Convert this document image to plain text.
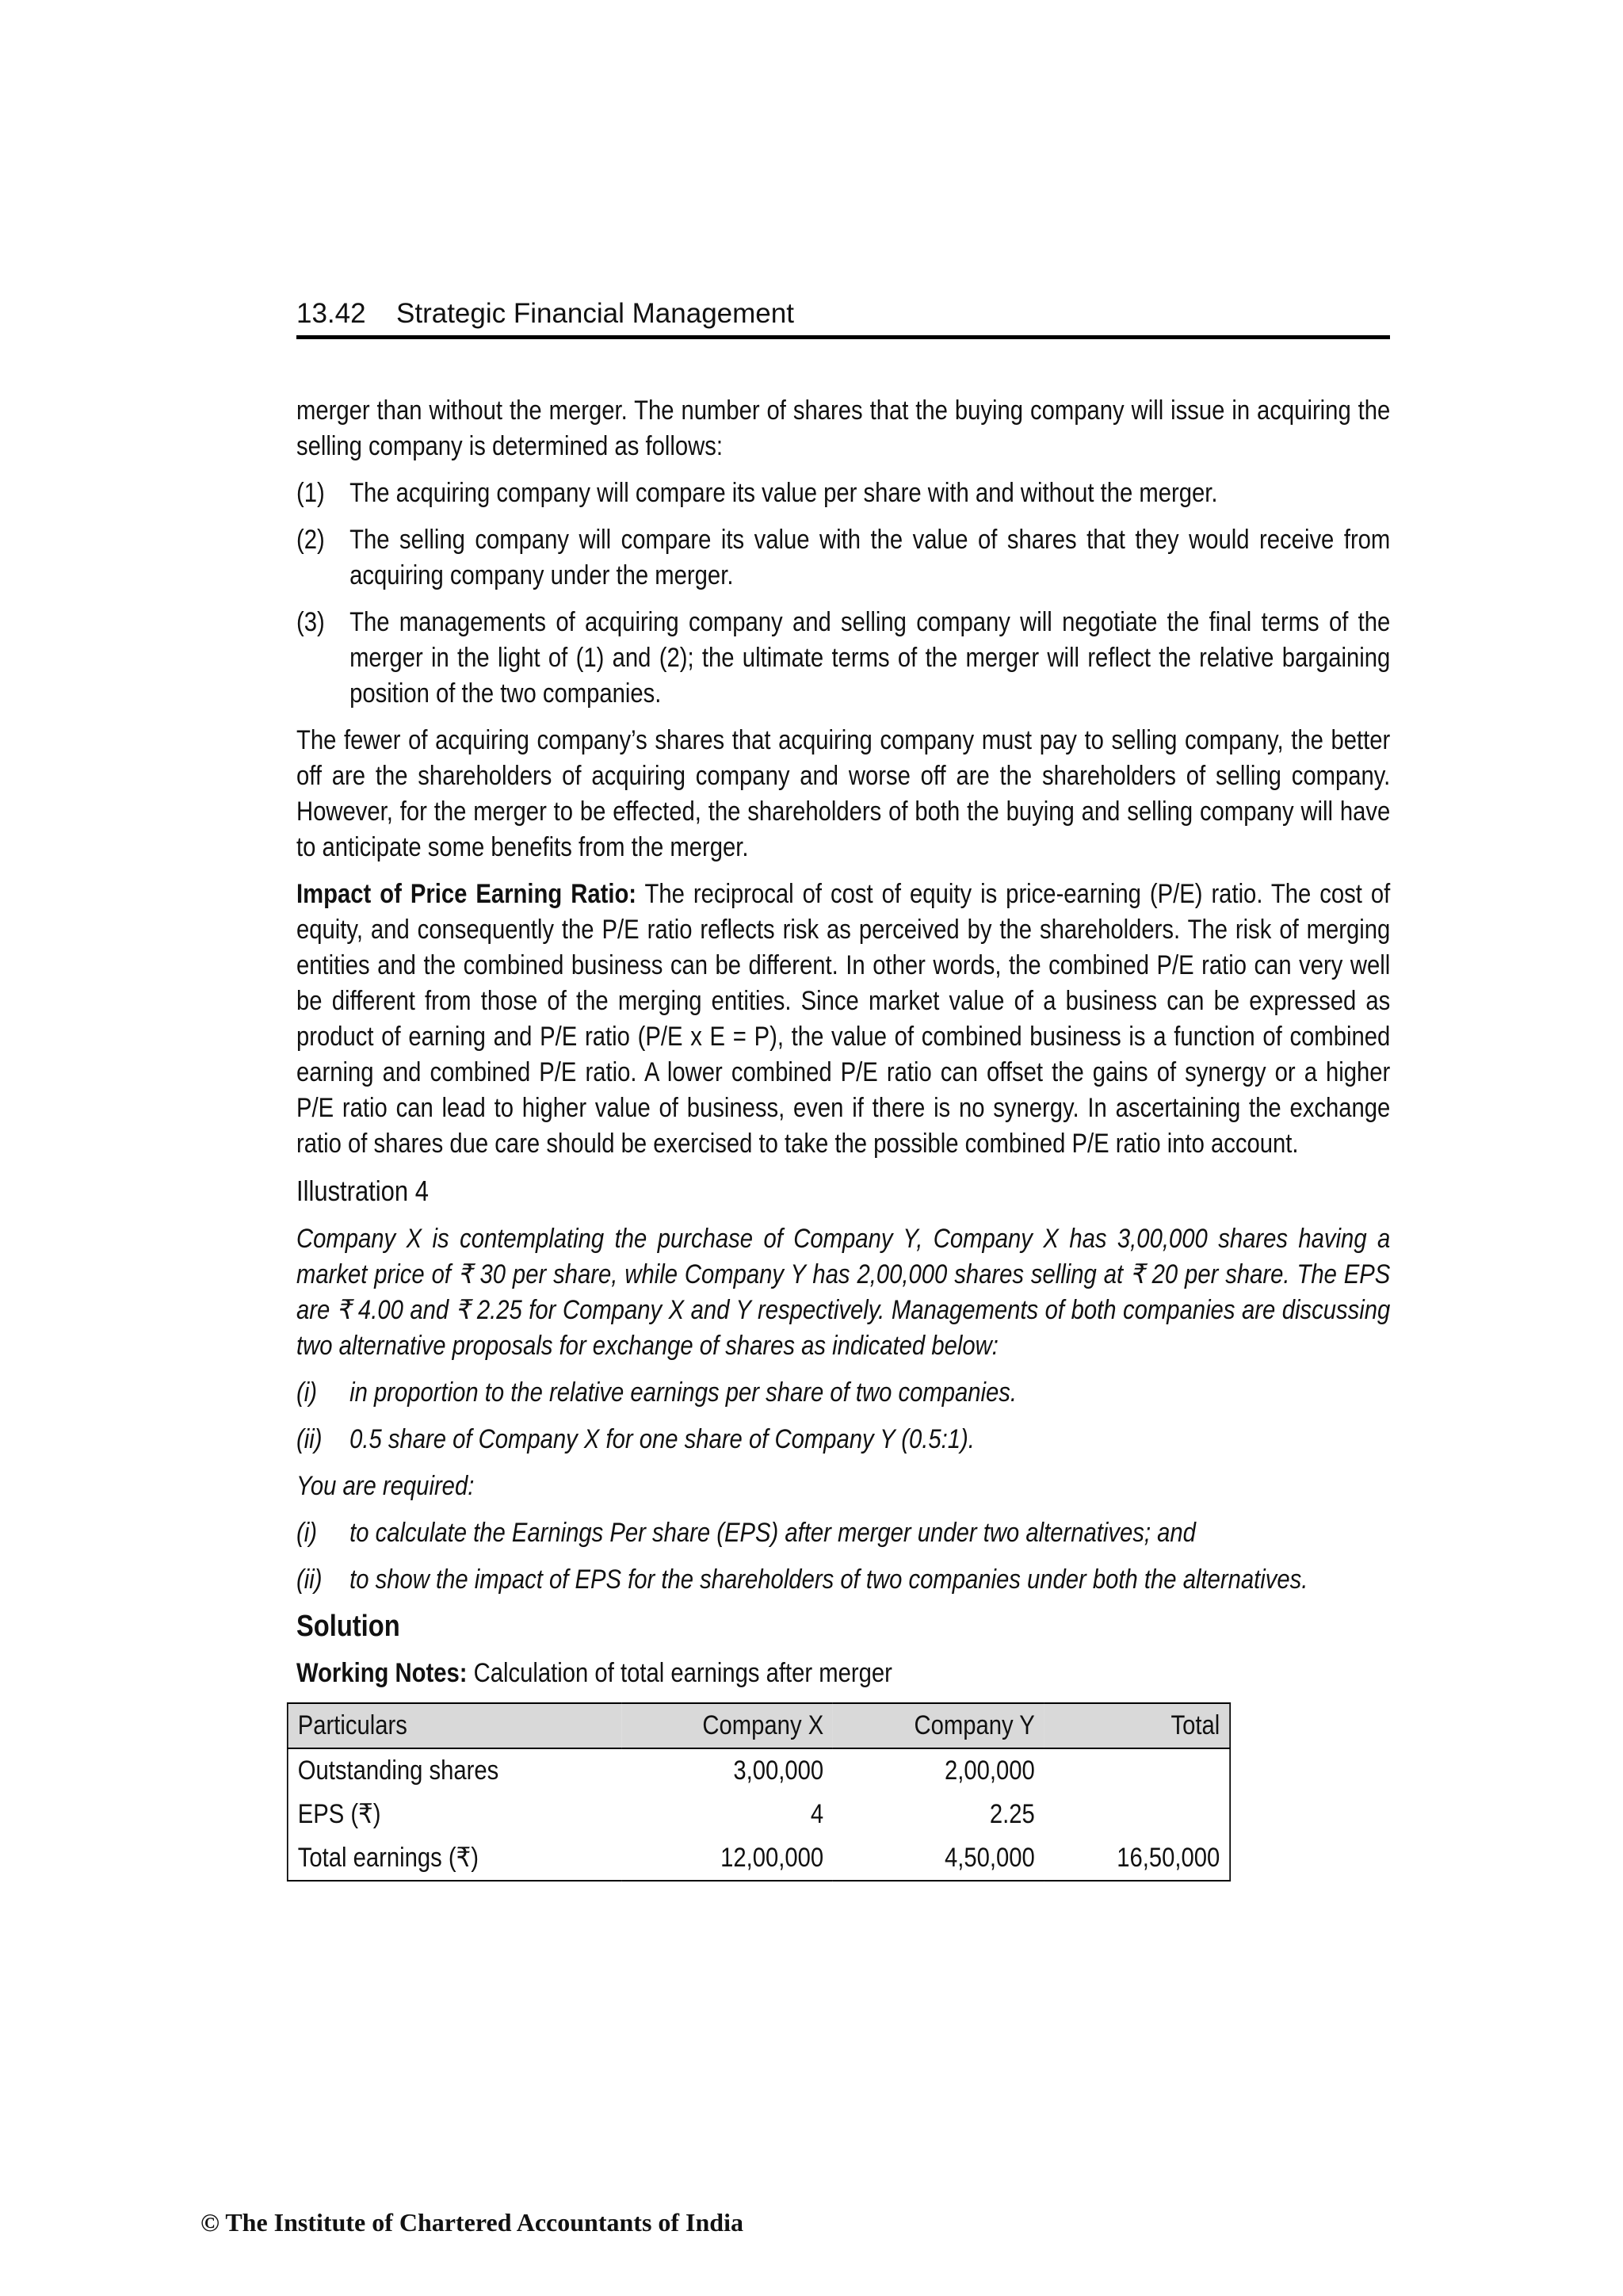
13.42 Strategic Financial Management

merger than without the merger. The number of shares that the buying company will issue in acquiring the selling company is determined as follows:

(1) The acquiring company will compare its value per share with and without the merger.
(2) The selling company will compare its value with the value of shares that they would receive from acquiring company under the merger.
(3) The managements of acquiring company and selling company will negotiate the final terms of the merger in the light of (1) and (2); the ultimate terms of the merger will reflect the relative bargaining position of the two companies.

The fewer of acquiring company’s shares that acquiring company must pay to selling company, the better off are the shareholders of acquiring company and worse off are the shareholders of selling company. However, for the merger to be effected, the shareholders of both the buying and selling company will have to anticipate some benefits from the merger.

Impact of Price Earning Ratio: The reciprocal of cost of equity is price-earning (P/E) ratio. The cost of equity, and consequently the P/E ratio reflects risk as perceived by the shareholders. The risk of merging entities and the combined business can be different. In other words, the combined P/E ratio can very well be different from those of the merging entities. Since market value of a business can be expressed as product of earning and P/E ratio (P/E x E = P), the value of combined business is a function of combined earning and combined P/E ratio. A lower combined P/E ratio can offset the gains of synergy or a higher P/E ratio can lead to higher value of business, even if there is no synergy. In ascertaining the exchange ratio of shares due care should be exercised to take the possible combined P/E ratio into account.

Illustration 4

Company X is contemplating the purchase of Company Y, Company X has 3,00,000 shares having a market price of ₹ 30 per share, while Company Y has 2,00,000 shares selling at ₹ 20 per share. The EPS are ₹ 4.00 and ₹ 2.25 for Company X and Y respectively. Managements of both companies are discussing two alternative proposals for exchange of shares as indicated below:

(i)	in proportion to the relative earnings per share of two companies.
(ii)	0.5 share of Company X for one share of Company Y (0.5:1).

You are required:

(i)	to calculate the Earnings Per share (EPS) after merger under two alternatives; and
(ii)	to show the impact of EPS for the shareholders of two companies under both the alternatives.
Solution

Working Notes: Calculation of total earnings after merger

Particulars	Company X	Company Y	Total
Outstanding shares	3,00,000	2,00,000	
EPS (₹)	4	2.25	
Total earnings (₹)	12,00,000	4,50,000	16,50,000
© The Institute of Chartered Accountants of India
